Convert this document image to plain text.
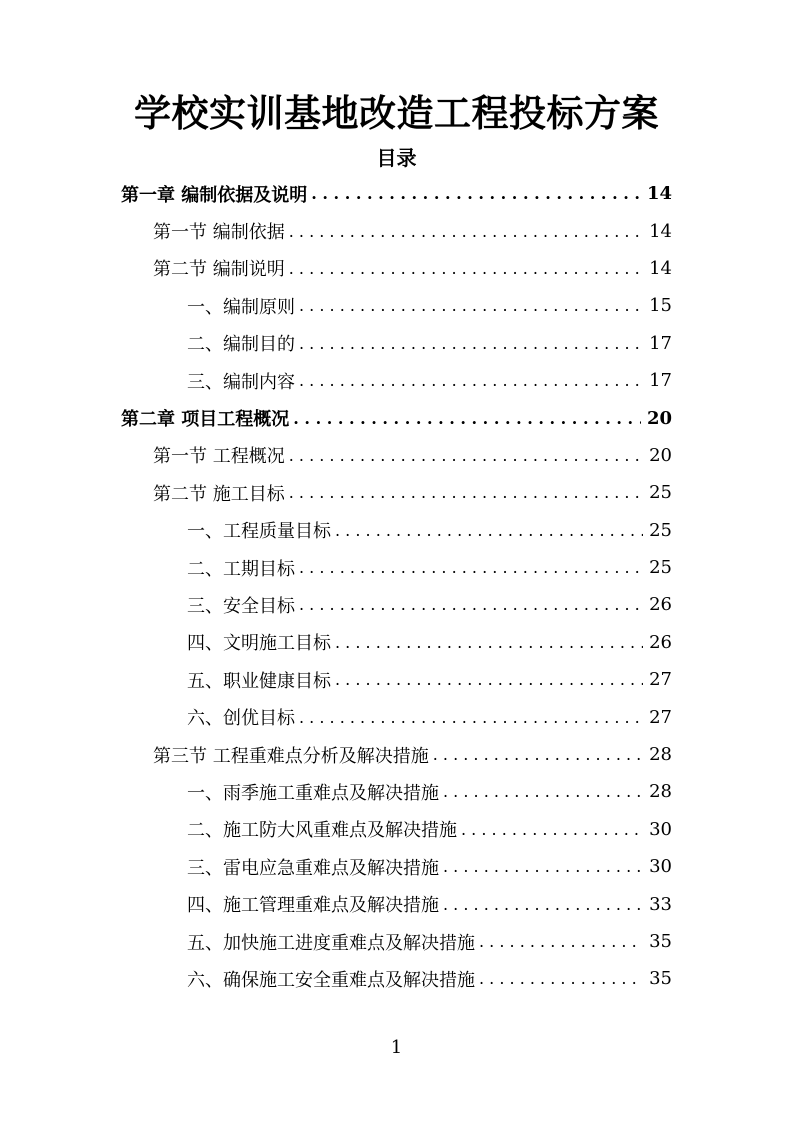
学校实训基地改造工程投标方案
目录
第一章 编制依据及说明 . . .	14
第一节 编制依据 . . .	14
第二节 编制说明 . . .	14
一、编制原则 . . .	15
二、编制目的 . . .	17
三、编制内容 . . .	17
第二章 项目工程概况 . . .	20
第一节 工程概况 . . .	20
第二节 施工目标 . . .	25
一、工程质量目标 . . .	25
二、工期目标 . . .	25
三、安全目标 . . .	26
四、文明施工目标 . . .	26
五、职业健康目标 . . .	27
六、创优目标 . . .	27
第三节 工程重难点分析及解决措施 . . .	28
一、雨季施工重难点及解决措施 . . .	28
二、施工防大风重难点及解决措施 . . .	30
三、雷电应急重难点及解决措施 . . .	30
四、施工管理重难点及解决措施 . . .	33
五、加快施工进度重难点及解决措施 . . .	35
六、确保施工安全重难点及解决措施 . . .	35
1
